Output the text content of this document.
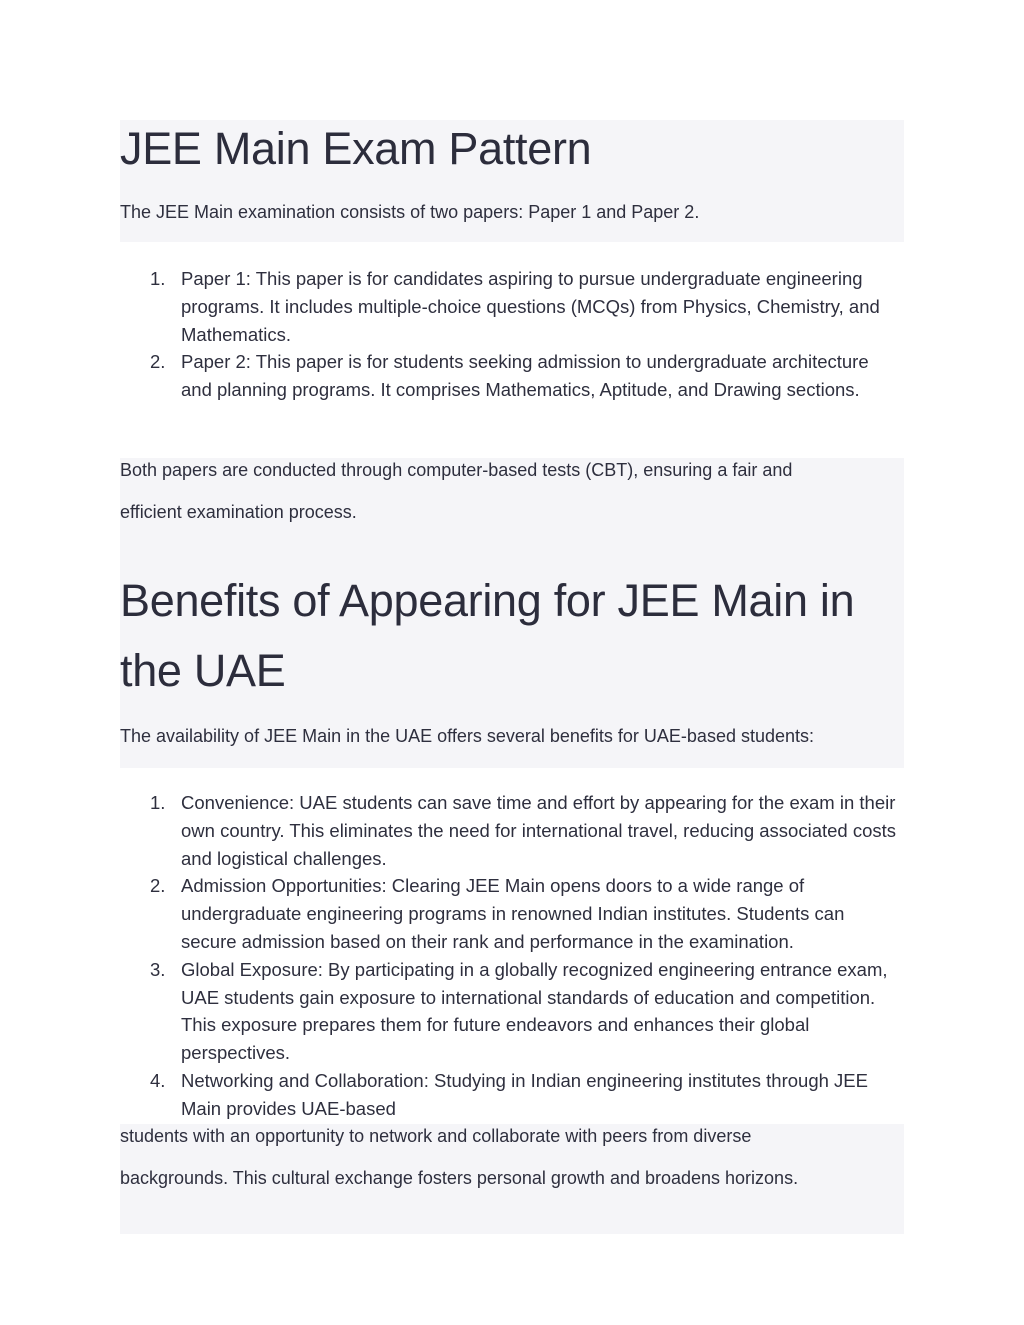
JEE Main Exam Pattern

The JEE Main examination consists of two papers: Paper 1 and Paper 2.

1. Paper 1: This paper is for candidates aspiring to pursue undergraduate engineering programs. It includes multiple-choice questions (MCQs) from Physics, Chemistry, and Mathematics.
2. Paper 2: This paper is for students seeking admission to undergraduate architecture and planning programs. It comprises Mathematics, Aptitude, and Drawing sections.

Both papers are conducted through computer-based tests (CBT), ensuring a fair and

efficient examination process.

Benefits of Appearing for JEE Main in
the UAE

The availability of JEE Main in the UAE offers several benefits for UAE-based students:

1. Convenience: UAE students can save time and effort by appearing for the exam in their own country. This eliminates the need for international travel, reducing associated costs and logistical challenges.
2. Admission Opportunities: Clearing JEE Main opens doors to a wide range of undergraduate engineering programs in renowned Indian institutes. Students can secure admission based on their rank and performance in the examination.
3. Global Exposure: By participating in a globally recognized engineering entrance exam, UAE students gain exposure to international standards of education and competition. This exposure prepares them for future endeavors and enhances their global perspectives.
4. Networking and Collaboration: Studying in Indian engineering institutes through JEE Main provides UAE-based

students with an opportunity to network and collaborate with peers from diverse

backgrounds. This cultural exchange fosters personal growth and broadens horizons.
